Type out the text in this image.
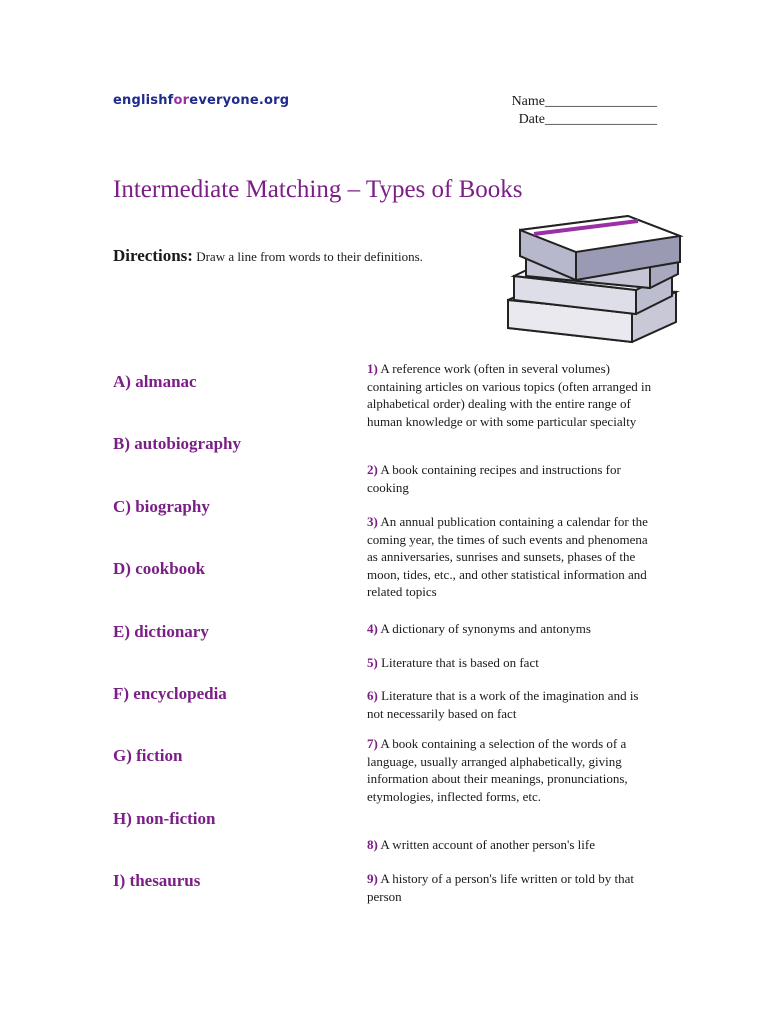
englishforeveryone.org	Name________________
Date________________
Intermediate Matching – Types of Books
Directions: Draw a line from words to their definitions.
A) almanac
B) autobiography
C) biography
D) cookbook
E) dictionary
F) encyclopedia
G) fiction
H) non-fiction
I) thesaurus
1) A reference work (often in several volumes) containing articles on various topics (often arranged in alphabetical order) dealing with the entire range of human knowledge or with some particular specialty
2) A book containing recipes and instructions for cooking
3) An annual publication containing a calendar for the coming year, the times of such events and phenomena as anniversaries, sunrises and sunsets, phases of the moon, tides, etc., and other statistical information and related topics
4) A dictionary of synonyms and antonyms
5) Literature that is based on fact
6) Literature that is a work of the imagination and is not necessarily based on fact
7) A book containing a selection of the words of a language, usually arranged alphabetically, giving information about their meanings, pronunciations, etymologies, inflected forms, etc.
8) A written account of another person's life
9) A history of a person's life written or told by that person
